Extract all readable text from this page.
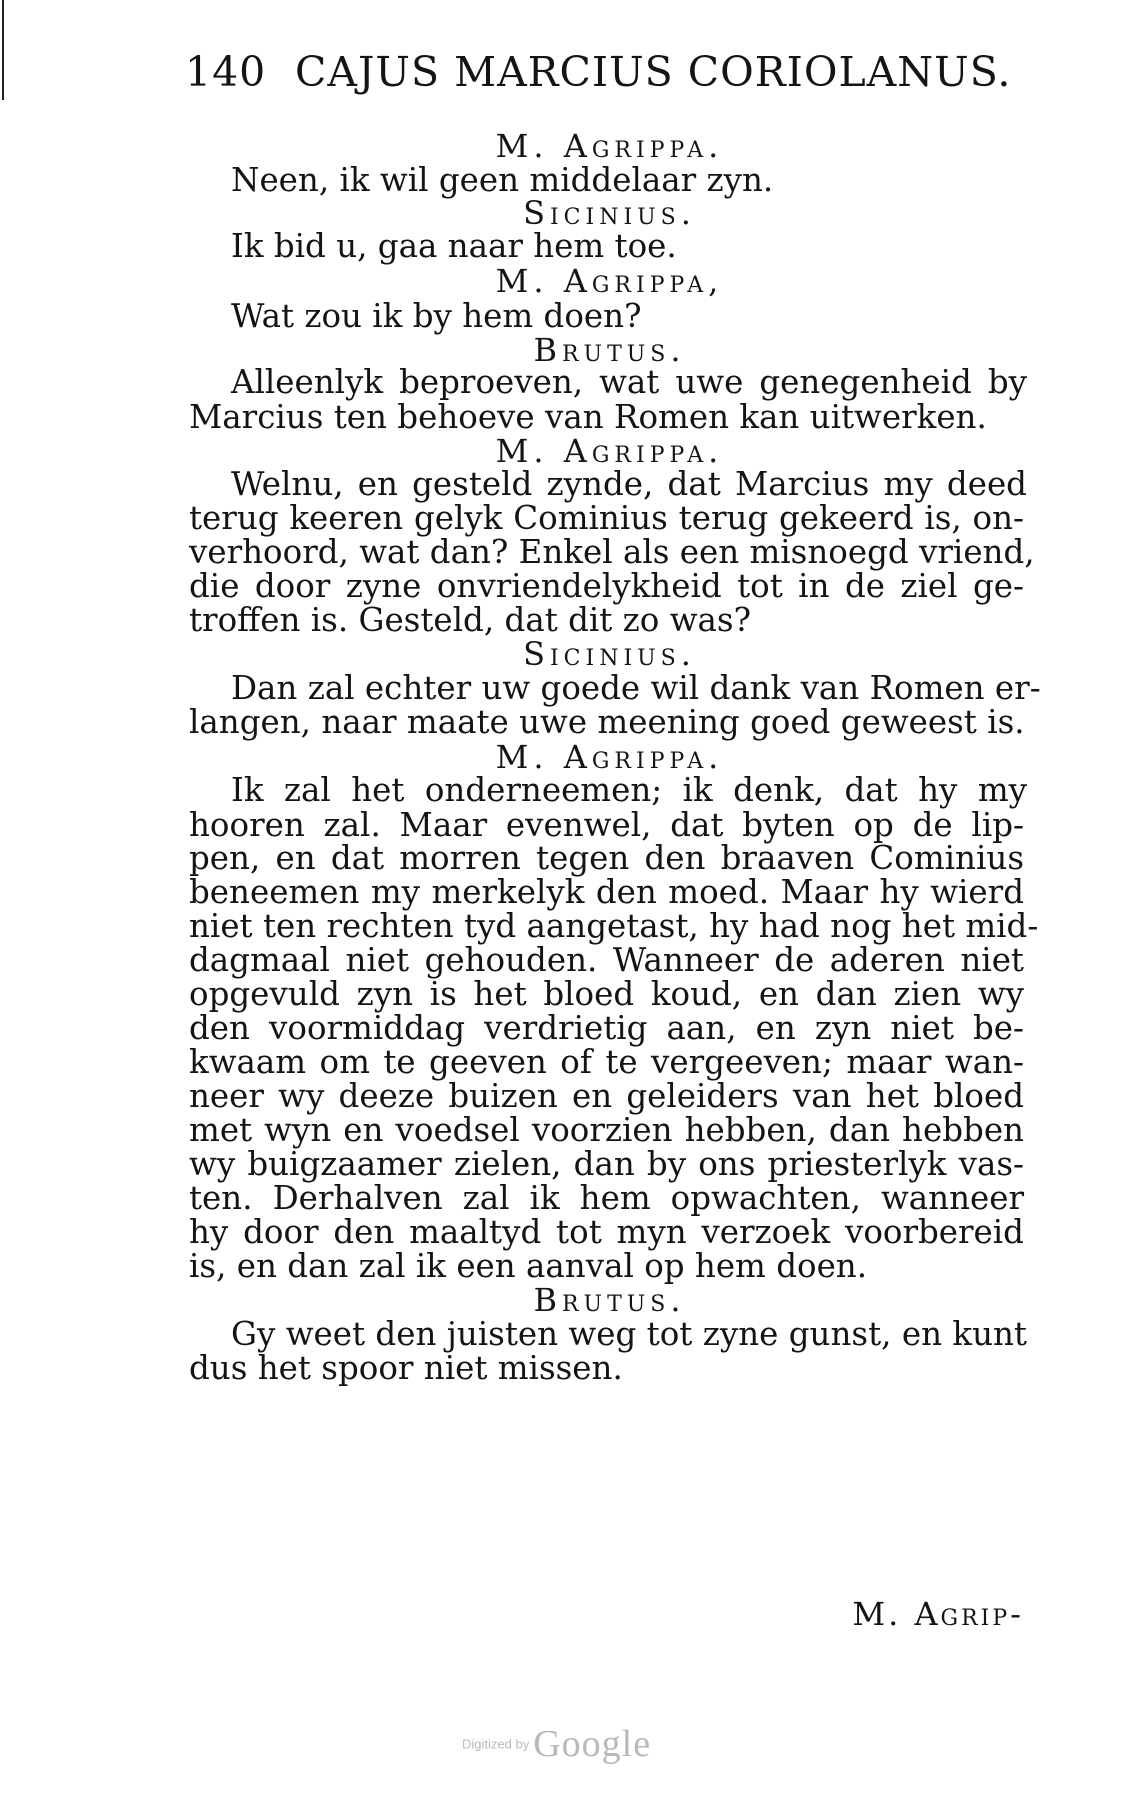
140 CAJUS MARCIUS CORIOLANUS.
M. Agrippa.
Neen, ik wil geen middelaar zyn.
Sicinius.
Ik bid u, gaa naar hem toe.
M. Agrippa,
Wat zou ik by hem doen?
Brutus.
Alleenlyk beproeven, wat uwe genegenheid by
Marcius ten behoeve van Romen kan uitwerken.
M. Agrippa.
Welnu, en gesteld zynde, dat Marcius my deed
terug keeren gelyk Cominius terug gekeerd is, on-
verhoord, wat dan? Enkel als een misnoegd vriend,
die door zyne onvriendelykheid tot in de ziel ge-
troffen is. Gesteld, dat dit zo was?
Sicinius.
Dan zal echter uw goede wil dank van Romen er-
langen, naar maate uwe meening goed geweest is.
M. Agrippa.
Ik zal het onderneemen; ik denk, dat hy my
hooren zal. Maar evenwel, dat byten op de lip-
pen, en dat morren tegen den braaven Cominius
beneemen my merkelyk den moed. Maar hy wierd
niet ten rechten tyd aangetast, hy had nog het mid-
dagmaal niet gehouden. Wanneer de aderen niet
opgevuld zyn is het bloed koud, en dan zien wy
den voormiddag verdrietig aan, en zyn niet be-
kwaam om te geeven of te vergeeven; maar wan-
neer wy deeze buizen en geleiders van het bloed
met wyn en voedsel voorzien hebben, dan hebben
wy buigzaamer zielen, dan by ons priesterlyk vas-
ten. Derhalven zal ik hem opwachten, wanneer
hy door den maaltyd tot myn verzoek voorbereid
is, en dan zal ik een aanval op hem doen.
Brutus.
Gy weet den juisten weg tot zyne gunst, en kunt
dus het spoor niet missen.
M. Agrip-
Digitized by Google
